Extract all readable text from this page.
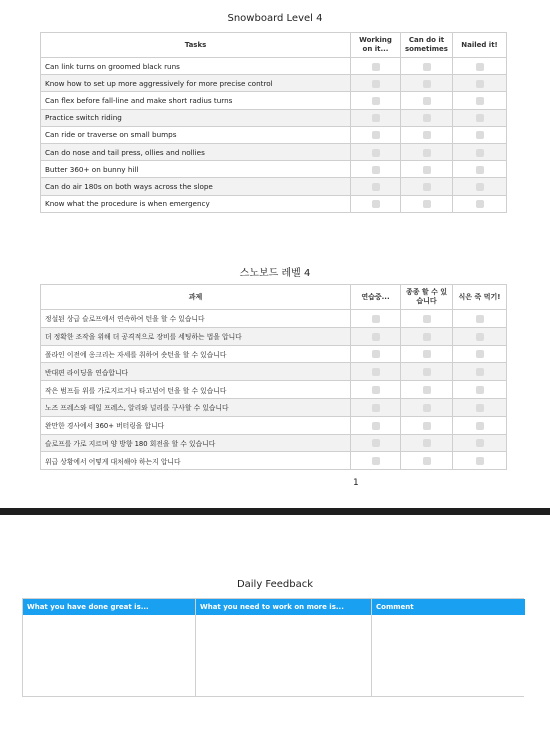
Snowboard Level 4
Tasks	Working on it...	Can do it sometimes	Nailed it!
Can link turns on groomed black runs			
Know how to set up more aggressively for more precise control			
Can flex before fall-line and make short radius turns			
Practice switch riding			
Can ride or traverse on small bumps			
Can do nose and tail press, ollies and nollies			
Butter 360+ on bunny hill			
Can do air 180s on both ways across the slope			
Know what the procedure is when emergency			
스노보드 레벨 4
과제	연습중...	종종 할 수 있습니다	식은 죽 먹기!
정설된 상급 슬로프에서 연속하여 턴을 할 수 있습니다			
더 정확한 조작을 위해 더 공격적으로 장비를 세팅하는 법을 압니다			
폴라인 이전에 옹크리는 자세를 취하여 숏턴을 할 수 있습니다			
반대편 라이딩을 연습합니다			
작은 범프들 위를 가로지르거나 타고넘어 턴을 할 수 있습니다			
노즈 프레스와 테일 프레스, 알리와 널리를 구사할 수 있습니다			
완만한 경사에서 360+ 버터링을 합니다			
슬로프를 가로 지르며 양 방향 180 회전을 할 수 있습니다			
위급 상황에서 어떻게 대처해야 하는지 압니다			
1
Daily Feedback
What you have done great is...	What you need to work on more is...	Comment
